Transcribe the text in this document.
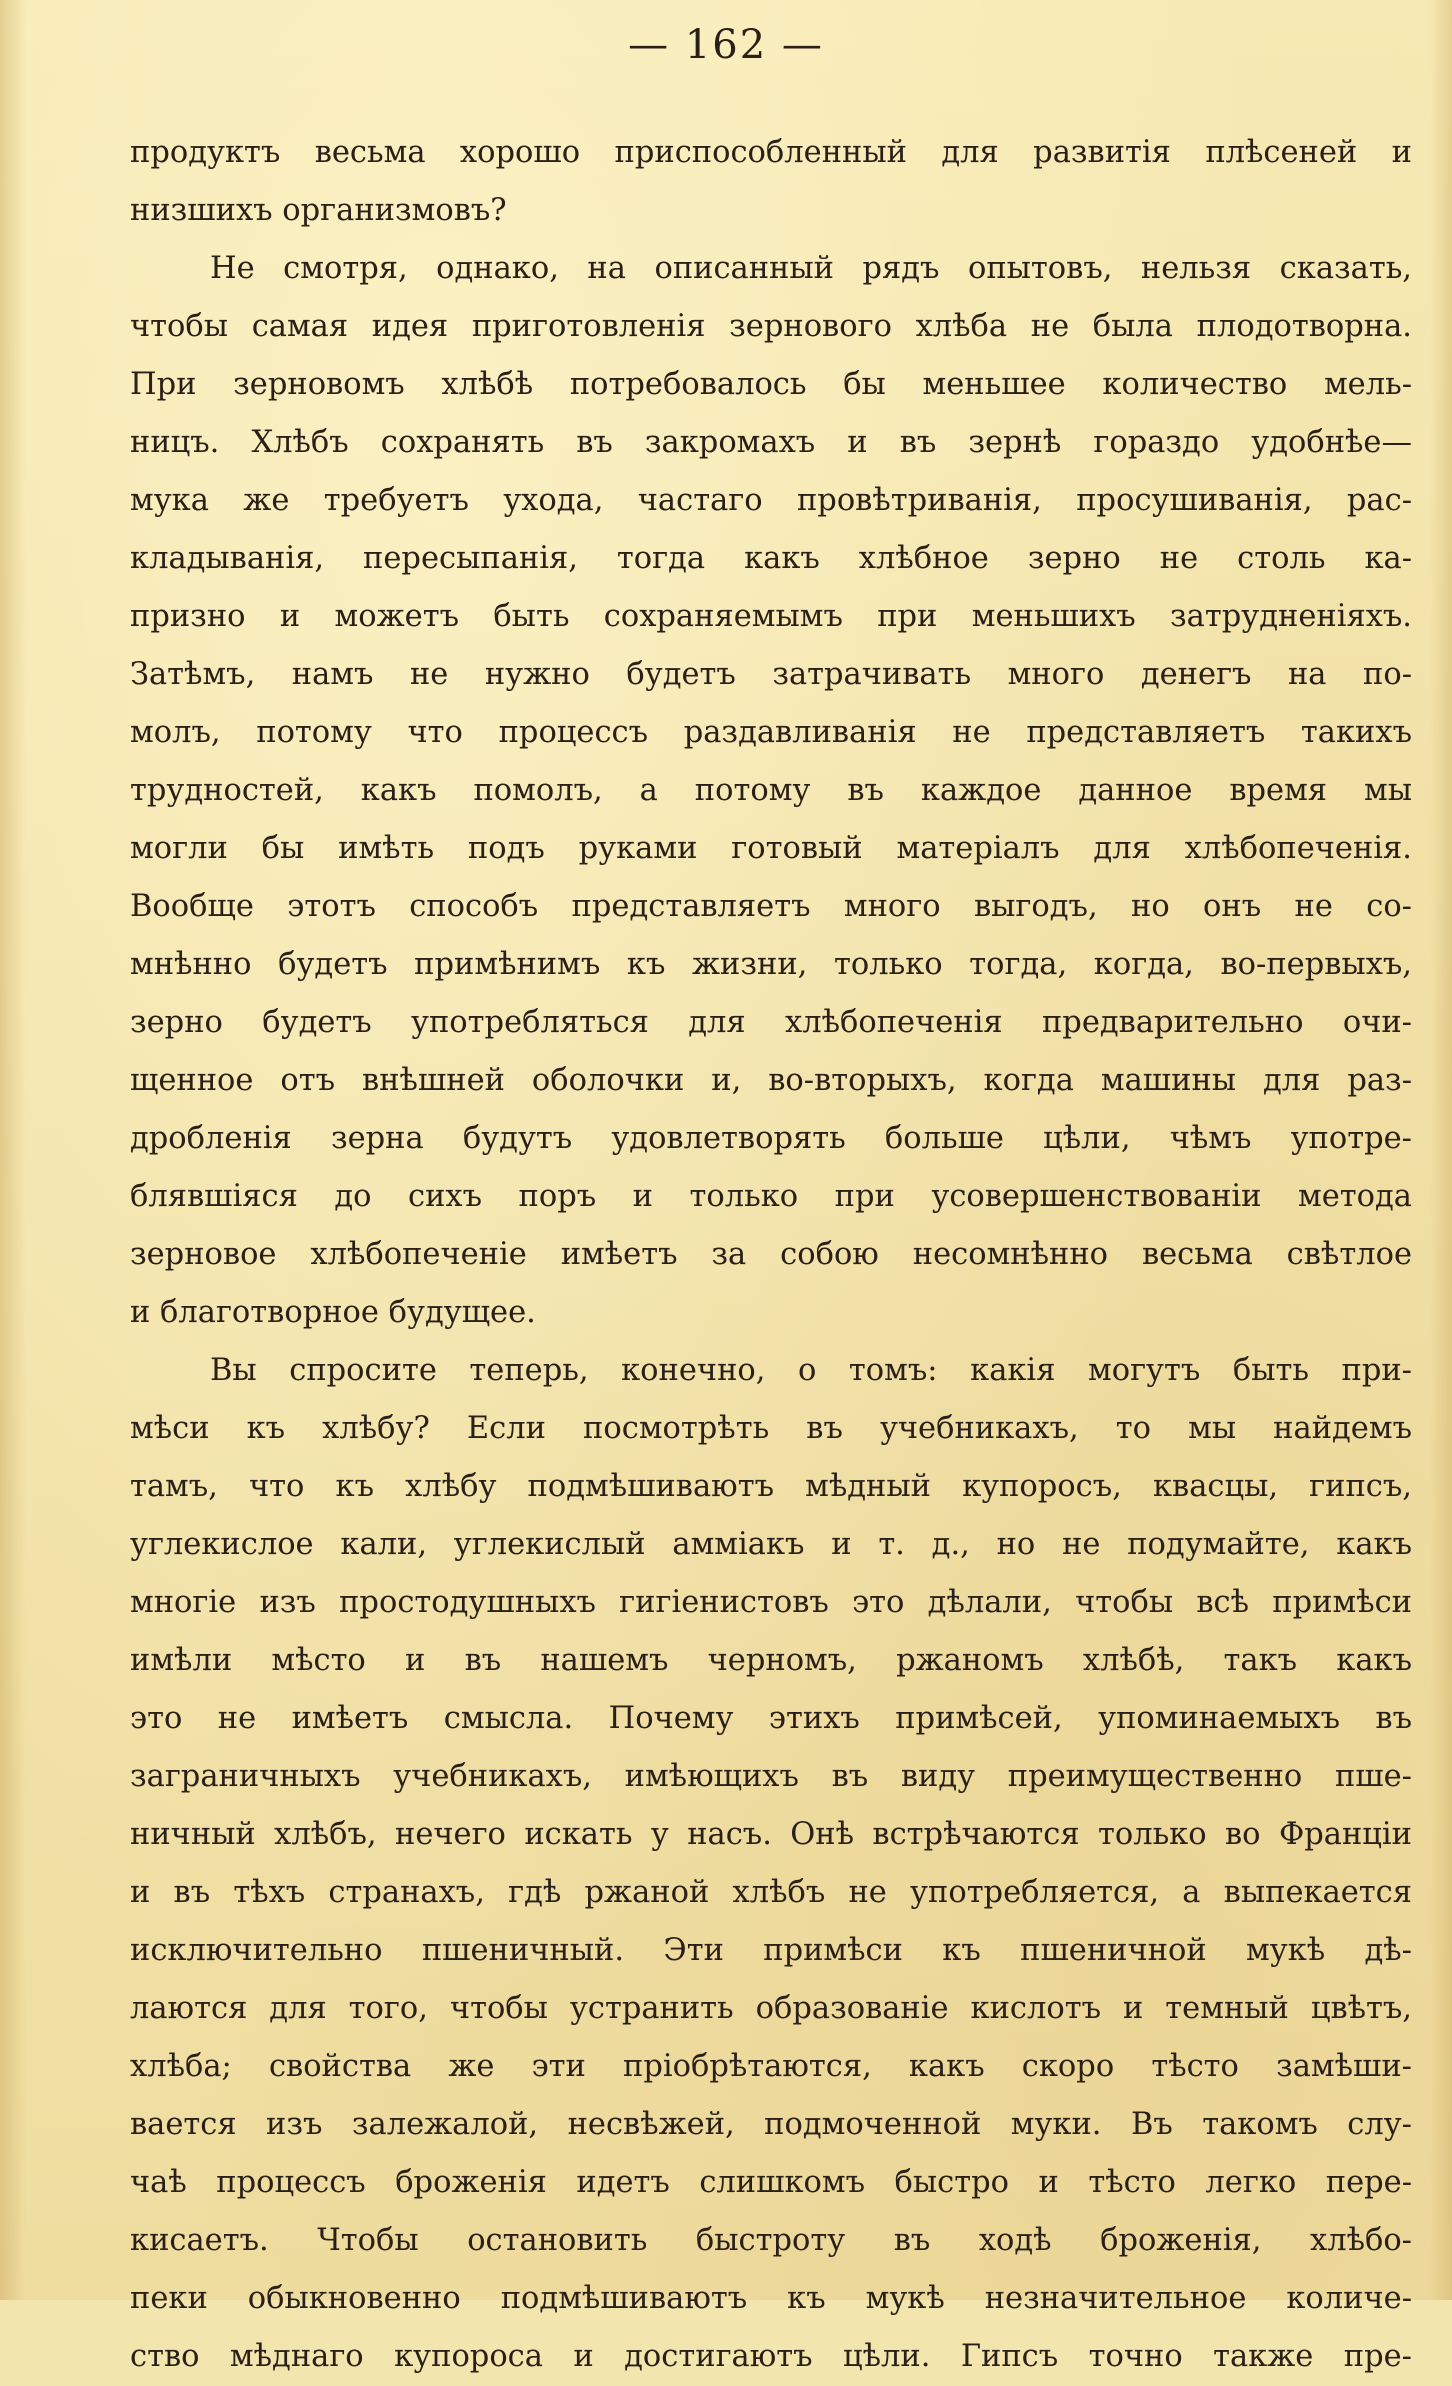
— 162 —
продуктъ весьма хорошо приспособленный для развитія плѣсеней и
низшихъ организмовъ?
Не смотря, однако, на описанный рядъ опытовъ, нельзя сказать,
чтобы самая идея приготовленія зернового хлѣба не была плодотворна.
При зерновомъ хлѣбѣ потребовалось бы меньшее количество мель-
ницъ. Хлѣбъ сохранять въ закромахъ и въ зернѣ гораздо удобнѣе—
мука же требуетъ ухода, частаго провѣтриванія, просушиванія, рас-
кладыванія, пересыпанія, тогда какъ хлѣбное зерно не столь ка-
призно и можетъ быть сохраняемымъ при меньшихъ затрудненіяхъ.
Затѣмъ, намъ не нужно будетъ затрачивать много денегъ на по-
молъ, потому что процессъ раздавливанія не представляетъ такихъ
трудностей, какъ помолъ, а потому въ каждое данное время мы
могли бы имѣть подъ руками готовый матеріалъ для хлѣбопеченія.
Вообще этотъ способъ представляетъ много выгодъ, но онъ не со-
мнѣнно будетъ примѣнимъ къ жизни, только тогда, когда, во-первыхъ,
зерно будетъ употребляться для хлѣбопеченія предварительно очи-
щенное отъ внѣшней оболочки и, во-вторыхъ, когда машины для раз-
дробленія зерна будутъ удовлетворять больше цѣли, чѣмъ употре-
блявшіяся до сихъ поръ и только при усовершенствованіи метода
зерновое хлѣбопеченіе имѣетъ за собою несомнѣнно весьма свѣтлое
и благотворное будущее.
Вы спросите теперь, конечно, о томъ: какія могутъ быть при-
мѣси къ хлѣбу? Если посмотрѣть въ учебникахъ, то мы найдемъ
тамъ, что къ хлѣбу подмѣшиваютъ мѣдный купоросъ, квасцы, гипсъ,
углекислое кали, углекислый аммiакъ и т. д., но не подумайте, какъ
многіе изъ простодушныхъ гигіенистовъ это дѣлали, чтобы всѣ примѣси
имѣли мѣсто и въ нашемъ черномъ, ржаномъ хлѣбѣ, такъ какъ
это не имѣетъ смысла. Почему этихъ примѣсей, упоминаемыхъ въ
заграничныхъ учебникахъ, имѣющихъ въ виду преимущественно пше-
ничный хлѣбъ, нечего искать у насъ. Онѣ встрѣчаются только во Франціи
и въ тѣхъ странахъ, гдѣ ржаной хлѣбъ не употребляется, а выпекается
исключительно пшеничный. Эти примѣси къ пшеничной мукѣ дѣ-
лаются для того, чтобы устранить образованіе кислотъ и темный цвѣтъ,
хлѣба; свойства же эти пріобрѣтаются, какъ скоро тѣсто замѣши-
вается изъ залежалой, несвѣжей, подмоченной муки. Въ такомъ слу-
чаѣ процессъ броженія идетъ слишкомъ быстро и тѣсто легко пере-
кисаетъ. Чтобы остановить быстроту въ ходѣ броженія, хлѣбо-
пеки обыкновенно подмѣшиваютъ къ мукѣ незначительное количе-
ство мѣднаго купороса и достигаютъ цѣли. Гипсъ точно также пре-
